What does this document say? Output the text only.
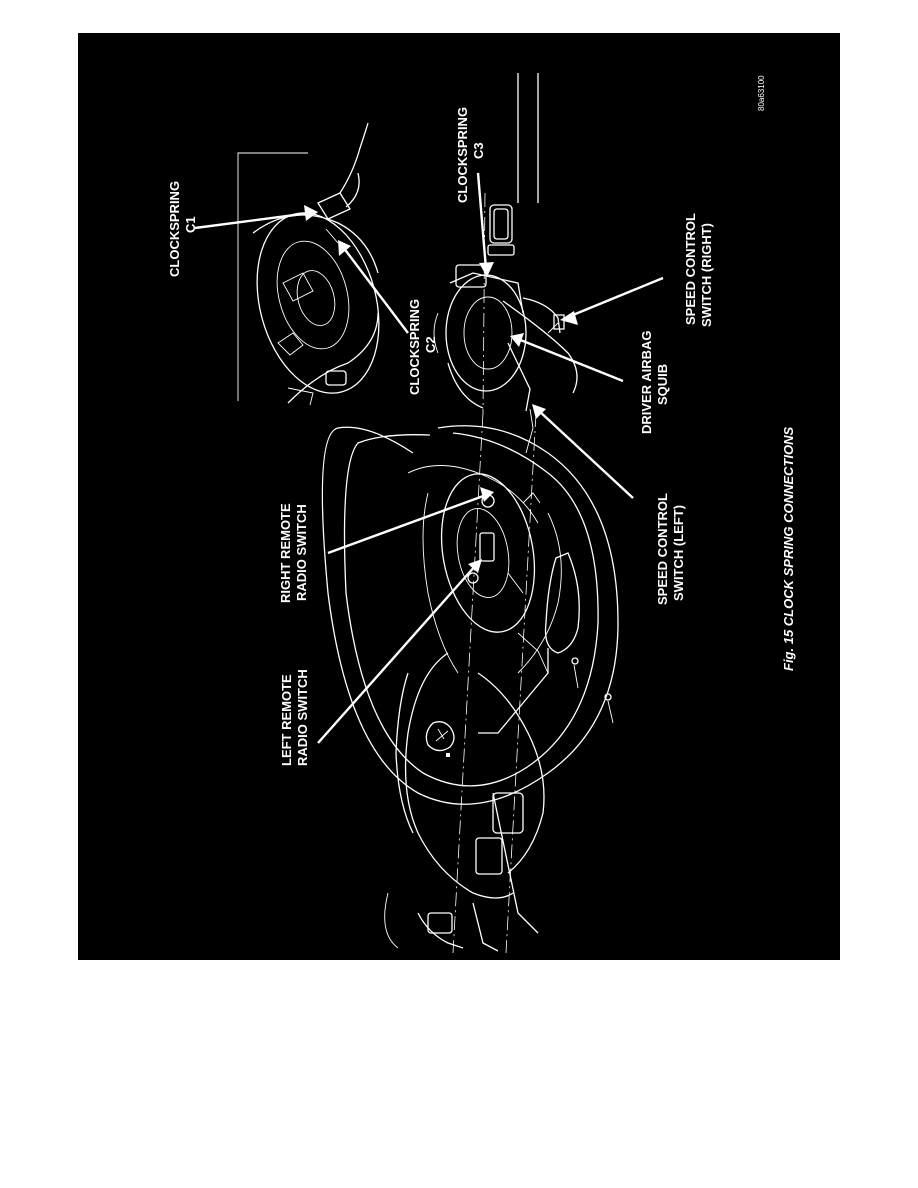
CLOCKSPRING C1
CLOCKSPRING C2
CLOCKSPRING C3
SPEED CONTROL SWITCH (RIGHT)
DRIVER AIRBAG SQUIB
SPEED CONTROL SWITCH (LEFT)
RIGHT REMOTE RADIO SWITCH
LEFT REMOTE RADIO SWITCH
80a63100
Fig. 15 CLOCK SPRING CONNECTIONS
